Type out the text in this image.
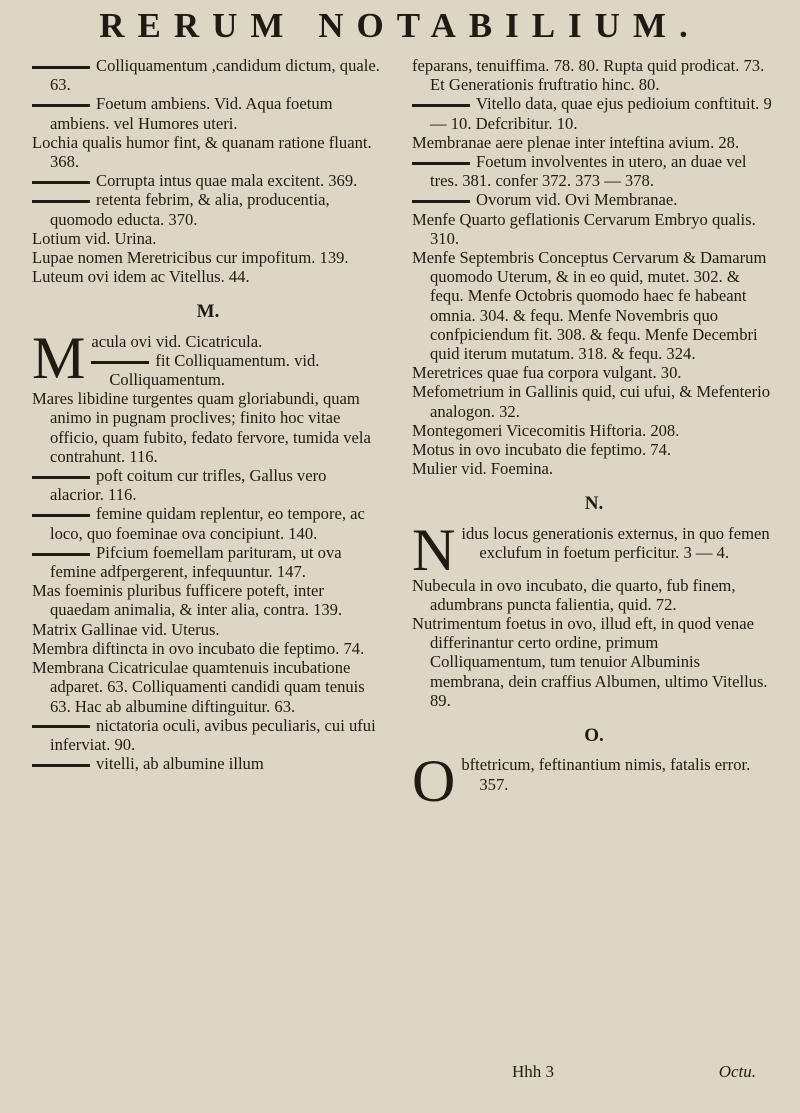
RERUM NOTABILIUM.

Colliquamentum ,candidum dictum, quale. 63.

Foetum ambiens. Vid. Aqua foetum ambiens. vel Humores uteri.

Lochia qualis humor fint, & quanam ratione fluant. 368.

Corrupta intus quae mala excitent. 369.

retenta febrim, & alia, producentia, quomodo educta. 370.

Lotium vid. Urina.

Lupae nomen Meretricibus cur impofitum. 139.

Luteum ovi idem ac Vitellus. 44.

M.
M acula ovi vid. Cicatricula.

fit Colliquamentum. vid. Colliquamentum.

Mares libidine turgentes quam gloriabundi, quam animo in pugnam proclives; finito hoc vitae officio, quam fubito, fedato fervore, tumida vela contrahunt. 116.

poft coitum cur trifles, Gallus vero alacrior. 116.

femine quidam replentur, eo tempore, ac loco, quo foeminae ova concipiunt. 140.

Pifcium foemellam parituram, ut ova femine adfpergerent, infequuntur. 147.

Mas foeminis pluribus fufficere poteft, inter quaedam animalia, & inter alia, contra. 139.

Matrix Gallinae vid. Uterus.

Membra diftincta in ovo incubato die feptimo. 74.

Membrana Cicatriculae quamtenuis incubatione adparet. 63. Colliquamenti candidi quam tenuis 63. Hac ab albumine diftinguitur. 63.

nictatoria oculi, avibus peculiaris, cui ufui inferviat. 90.

vitelli, ab albumine illum

feparans, tenuiffima. 78. 80. Rupta quid prodicat. 73. Et Generationis fruftratio hinc. 80.

Vitello data, quae ejus pedioium conftituit. 9 — 10. Defcribitur. 10.

Membranae aere plenae inter inteftina avium. 28.

Foetum involventes in utero, an duae vel tres. 381. confer 372. 373 — 378.

Ovorum vid. Ovi Membranae.

Menfe Quarto geflationis Cervarum Embryo qualis. 310.

Menfe Septembris Conceptus Cervarum & Damarum quomodo Uterum, & in eo quid, mutet. 302. & fequ. Menfe Octobris quomodo haec fe habeant omnia. 304. & fequ. Menfe Novembris quo confpiciendum fit. 308. & fequ. Menfe Decembri quid iterum mutatum. 318. & fequ. 324.

Meretrices quae fua corpora vulgant. 30.

Mefometrium in Gallinis quid, cui ufui, & Mefenterio analogon. 32.

Montegomeri Vicecomitis Hiftoria. 208.

Motus in ovo incubato die feptimo. 74.

Mulier vid. Foemina.

N.
N idus locus generationis externus, in quo femen exclufum in foetum perficitur. 3 — 4.

Nubecula in ovo incubato, die quarto, fub finem, adumbrans puncta falientia, quid. 72.

Nutrimentum foetus in ovo, illud eft, in quod venae differinantur certo ordine, primum Colliquamentum, tum tenuior Albuminis membrana, dein craffius Albumen, ultimo Vitellus. 89.

O.
O bftetricum, feftinantium nimis, fatalis error. 357.

Hhh 3	Octu.
